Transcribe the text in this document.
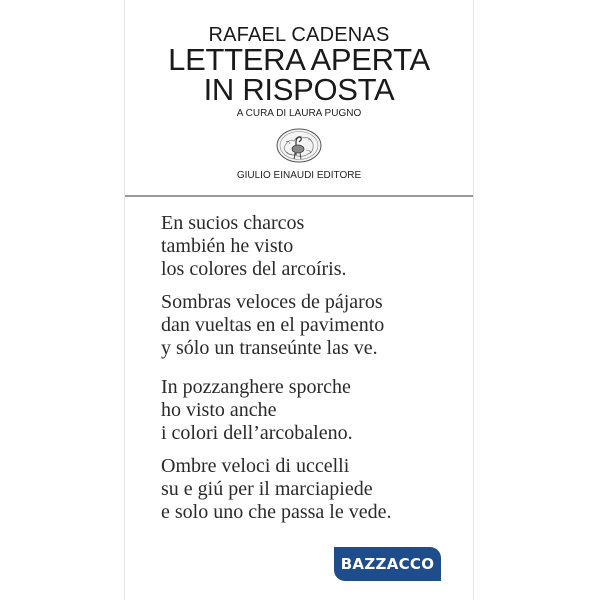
RAFAEL CADENAS
LETTERA APERTA
IN RISPOSTA
A CURA DI LAURA PUGNO
GIULIO EINAUDI EDITORE
En sucios charcos
también he visto
los colores del arcoíris.
Sombras veloces de pájaros
dan vueltas en el pavimento
y sólo un transeúnte las ve.
In pozzanghere sporche
ho visto anche
i colori dell’arcobaleno.
Ombre veloci di uccelli
su e giú per il marciapiede
e solo uno che passa le vede.
BAZZACCO
